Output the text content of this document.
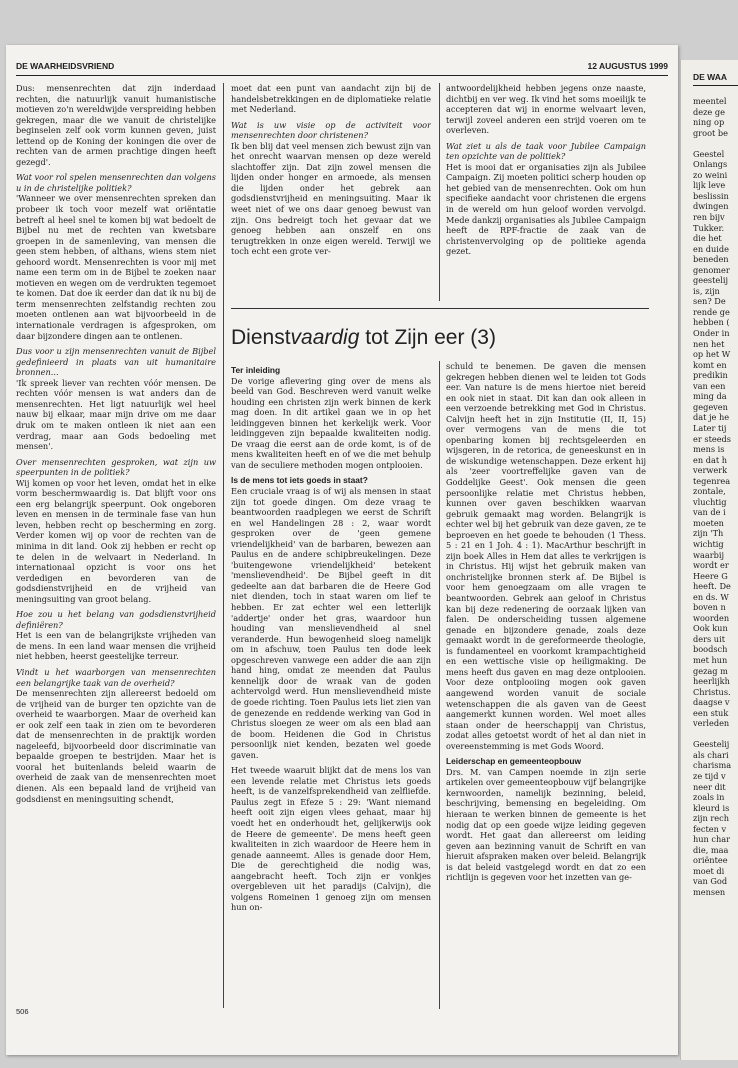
DE WAARHEIDSVRIEND	12 AUGUSTUS 1999

Dus: mensenrechten dat zijn inderdaad rechten, die natuurlijk vanuit humanistische motieven zo'n wereldwijde verspreiding hebben gekregen, maar die we vanuit de christelijke beginselen zelf ook vorm kunnen geven, juist lettend op de Koning der koningen die over de rechten van de armen prachtige dingen heeft gezegd'.

Wat voor rol spelen mensenrechten dan volgens u in de christelijke politiek?

'Wanneer we over mensenrechten spreken dan probeer ik toch voor mezelf wat oriëntatie betreft al heel snel te komen bij wat bedoelt de Bijbel nu met de rechten van kwetsbare groepen in de samenleving, van mensen die geen stem hebben, of althans, wiens stem niet gehoord wordt. Mensenrechten is voor mij met name een term om in de Bijbel te zoeken naar motieven en wegen om de verdrukten tegemoet te komen. Dat doe ik eerder dan dat ik nu bij de term mensenrechten zelfstandig rechten zou moeten ontlenen aan wat bijvoorbeeld in de internationale verdragen is afgesproken, om daar bijzondere dingen aan te ontlenen.

Dus voor u zijn mensenrechten vanuit de Bijbel gedefinieerd in plaats van uit humanitaire bronnen...

'Ik spreek liever van rechten vóór mensen. De rechten vóór mensen is wat anders dan de mensenrechten. Het ligt natuurlijk wel heel nauw bij elkaar, maar mijn drive om me daar druk om te maken ontleen ik niet aan een verdrag, maar aan Gods bedoeling met mensen'.

Over mensenrechten gesproken, wat zijn uw speerpunten in de politiek?

Wij komen op voor het leven, omdat het in elke vorm beschermwaardig is. Dat blijft voor ons een erg belangrijk speerpunt. Ook ongeboren leven en mensen in de terminale fase van hun leven, hebben recht op bescherming en zorg. Verder komen wij op voor de rechten van de minima in dit land. Ook zij hebben er recht op te delen in de welvaart in Nederland. In internationaal opzicht is voor ons het verdedigen en bevorderen van de godsdienstvrijheid en de vrijheid van meningsuiting van groot belang.

Hoe zou u het belang van godsdienstvrijheid definiëren?

Het is een van de belangrijkste vrijheden van de mens. In een land waar mensen die vrijheid niet hebben, heerst geestelijke terreur.

Vindt u het waarborgen van mensenrechten een belangrijke taak van de overheid?

De mensenrechten zijn allereerst bedoeld om de vrijheid van de burger ten opzichte van de overheid te waarborgen. Maar de overheid kan er ook zelf een taak in zien om te bevorderen dat de mensenrechten in de praktijk worden nageleefd, bijvoorbeeld door discriminatie van bepaalde groepen te bestrijden. Maar het is vooral het buitenlands beleid waarin de overheid de zaak van de mensenrechten moet dienen. Als een bepaald land de vrijheid van godsdienst en meningsuiting schendt,

moet dat een punt van aandacht zijn bij de handelsbetrekkingen en de diplomatieke relatie met Nederland.

Wat is uw visie op de activiteit voor mensenrechten door christenen?

Ik ben blij dat veel mensen zich bewust zijn van het onrecht waarvan mensen op deze wereld slachtoffer zijn. Dat zijn zowel mensen die lijden onder honger en armoede, als mensen die lijden onder het gebrek aan godsdienstvrijheid en meningsuiting. Maar ik weet niet of we ons daar genoeg bewust van zijn. Ons bedreigt toch het gevaar dat we genoeg hebben aan onszelf en ons terugtrekken in onze eigen wereld. Terwijl we toch echt een grote ver-

antwoordelijkheid hebben jegens onze naaste, dichtbij en ver weg. Ik vind het soms moeilijk te accepteren dat wij in enorme welvaart leven, terwijl zoveel anderen een strijd voeren om te overleven.

Wat ziet u als de taak voor Jubilee Campaign ten opzichte van de politiek?

Het is mooi dat er organisaties zijn als Jubilee Campaign. Zij moeten politici scherp houden op het gebied van de mensenrechten. Ook om hun specifieke aandacht voor christenen die ergens in de wereld om hun geloof worden vervolgd. Mede dankzij organisaties als Jubilee Campaign heeft de RPF-fractie de zaak van de christenvervolging op de politieke agenda gezet.

Dienstvaardig tot Zijn eer (3)
Ter inleiding

De vorige aflevering ging over de mens als beeld van God. Beschreven werd vanuit welke houding een christen zijn werk binnen de kerk mag doen. In dit artikel gaan we in op het leidinggeven binnen het kerkelijk werk. Voor leidinggeven zijn bepaalde kwaliteiten nodig. De vraag die eerst aan de orde komt, is of de mens kwaliteiten heeft en of we die met behulp van de seculiere methoden mogen ontplooien.

Is de mens tot iets goeds in staat?

Een cruciale vraag is of wij als mensen in staat zijn tot goede dingen. Om deze vraag te beantwoorden raadplegen we eerst de Schrift en wel Handelingen 28 : 2, waar wordt gesproken over de 'geen gemene vriendelijkheid' van de barbaren, bewezen aan Paulus en de andere schipbreukelingen. Deze 'buitengewone vriendelijkheid' betekent 'menslievendheid'. De Bijbel geeft in dit gedeelte aan dat barbaren die de Heere God niet dienden, toch in staat waren om lief te hebben. Er zat echter wel een letterlijk 'addertje' onder het gras, waardoor hun houding van menslievendheid al snel veranderde. Hun bewogenheid sloeg namelijk om in afschuw, toen Paulus ten dode leek opgeschreven vanwege een adder die aan zijn hand hing, omdat ze meenden dat Paulus kennelijk door de wraak van de goden achtervolgd werd. Hun menslievendheid miste de goede richting. Toen Paulus iets liet zien van de genezende en reddende werking van God in Christus sloegen ze weer om als een blad aan de boom. Heidenen die God in Christus persoonlijk niet kenden, bezaten wel goede gaven.

Het tweede waaruit blijkt dat de mens los van een levende relatie met Christus iets goeds heeft, is de vanzelfsprekendheid van zelfliefde. Paulus zegt in Efeze 5 : 29: 'Want niemand heeft ooit zijn eigen vlees gehaat, maar hij voedt het en onderhoudt het, gelijkerwijs ook de Heere de gemeente'. De mens heeft geen kwaliteiten in zich waardoor de Heere hem in genade aanneemt. Alles is genade door Hem, Die de gerechtigheid die nodig was, aangebracht heeft. Toch zijn er vonkjes overgebleven uit het paradijs (Calvijn), die volgens Romeinen 1 genoeg zijn om mensen hun on-

schuld te benemen. De gaven die mensen gekregen hebben dienen wel te leiden tot Gods eer. Van nature is de mens hiertoe niet bereid en ook niet in staat. Dit kan dan ook alleen in een verzoende betrekking met God in Christus. Calvijn heeft het in zijn Institutie (II, II, 15) over vermogens van de mens die tot openbaring komen bij rechtsgeleerden en wijsgeren, in de retorica, de geneeskunst en in de wiskundige wetenschappen. Deze erkent hij als 'zeer voortreffelijke gaven van de Goddelijke Geest'. Ook mensen die geen persoonlijke relatie met Christus hebben, kunnen over gaven beschikken waarvan gebruik gemaakt mag worden. Belangrijk is echter wel bij het gebruik van deze gaven, ze te beproeven en het goede te behouden (1 Thess. 5 : 21 en 1 Joh. 4 : 1). MacArthur beschrijft in zijn boek Alles in Hem dat alles te verkrijgen is in Christus. Hij wijst het gebruik maken van onchristelijke bronnen sterk af. De Bijbel is voor hem genoegzaam om alle vragen te beantwoorden. Gebrek aan geloof in Christus kan bij deze redenering de oorzaak lijken van falen. De onderscheiding tussen algemene genade en bijzondere genade, zoals deze gemaakt wordt in de gereformeerde theologie, is fundamenteel en voorkomt krampachtigheid en een wettische visie op heiligmaking. De mens heeft dus gaven en mag deze ontplooien. Voor deze ontplooiing mogen ook gaven aangewend worden vanuit de sociale wetenschappen die als gaven van de Geest aangemerkt kunnen worden. Wel moet alles staan onder de heerschappij van Christus, zodat alles getoetst wordt of het al dan niet in overeenstemming is met Gods Woord.

Leiderschap en gemeenteopbouw

Drs. M. van Campen noemde in zijn serie artikelen over gemeenteopbouw vijf belangrijke kernwoorden, namelijk bezinning, beleid, beschrijving, bemensing en begeleiding. Om hieraan te werken binnen de gemeente is het nodig dat op een goede wijze leiding gegeven wordt. Het gaat dan allereerst om leiding geven aan bezinning vanuit de Schrift en van hieruit afspraken maken over beleid. Belangrijk is dat beleid vastgelegd wordt en dat zo een richtlijn is gegeven voor het inzetten van ge-

506
DE WAA
meentel
deze ge
ning op
groot be

Geestel
Onlangs
zo weini
lijk leve
beslissin
dwingen
ren bijv
Tukker.
die het
en duide
beneden
genomer
geestelij
is, zijn
sen? De
rende ge
hebben (
Onder in
nen het
op het W
komt en
predikin
van een
ming da
gegeven
dat je he
Later tij
er steeds
mens is
en dat h
verwerk
tegenrea
zontale,
vluchtig
van de i
moeten
zijn 'Th
wichtig
waarbij
wordt er
Heere G
heeft. De
en ds. W
boven n
woorden
Ook kun
ders uit
boodsch
met hun
gezag m
heerlijkh
Christus.
daagse v
een stuk
verleden

Geestelij
als chari
charisma
ze tijd v
neer dit
zoals in
kleurd is
zijn rech
fecten v
hun char
die, maa
oriëntee
moet di
van God
mensen
